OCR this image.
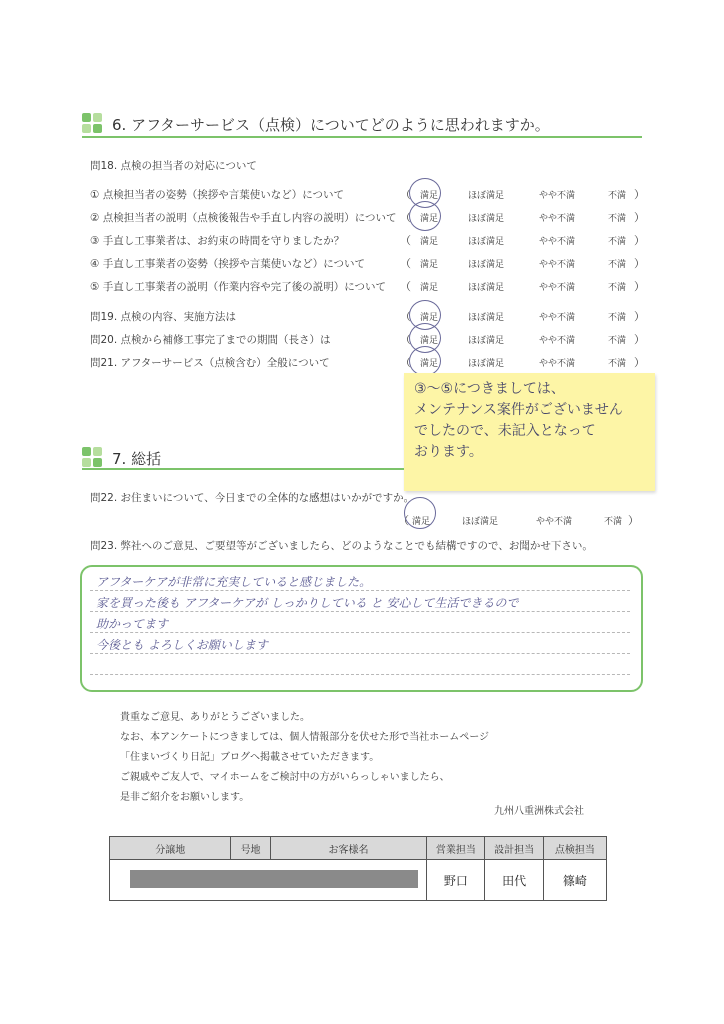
6. アフターサービス（点検）についてどのように思われますか。
問18. 点検の担当者の対応について
① 点検担当者の姿勢（挨拶や言葉使いなど）について	（ 満足	ほぼ満足	やや不満	不満 ）
② 点検担当者の説明（点検後報告や手直し内容の説明）について （ 満足	ほぼ満足	やや不満	不満 ）
③ 手直し工事業者は、お約束の時間を守りましたか？	（ 満足	ほぼ満足	やや不満	不満 ）
④ 手直し工事業者の姿勢（挨拶や言葉使いなど）について	（ 満足	ほぼ満足	やや不満	不満 ）
⑤ 手直し工事業者の説明（作業内容や完了後の説明）について （ 満足	ほぼ満足	やや不満	不満 ）
問19. 点検の内容、実施方法は	（ 満足	ほぼ満足	やや不満	不満 ）
問20. 点検から補修工事完了までの期間（長さ）は	（ 満足	ほぼ満足	やや不満	不満 ）
問21. アフターサービス（点検含む）全般について	（ 満足	ほぼ満足	やや不満	不満 ）
③～⑤につきましては、
メンテナンス案件がございません
でしたので、未記入となって
おります。
7. 総括
問22. お住まいについて、今日までの全体的な感想はいかがですか。
（ 満足	ほぼ満足	やや不満	不満 ）
問23. 弊社へのご意見、ご要望等がございましたら、どのようなことでも結構ですので、お聞かせ下さい。
アフターケアが非常に充実していると感じました。
家を買った後も アフターケアが しっかりしている と 安心して生活できるので
助かってます
今後とも よろしくお願いします
貴重なご意見、ありがとうございました。
なお、本アンケートにつきましては、個人情報部分を伏せた形で当社ホームページ
「住まいづくり日記」ブログへ掲載させていただきます。
ご親戚やご友人で、マイホームをご検討中の方がいらっしゃいましたら、
是非ご紹介をお願いします。
九州八重洲株式会社
分譲地	号地	お客様名	営業担当	設計担当	点検担当
			野口	田代	篠崎
